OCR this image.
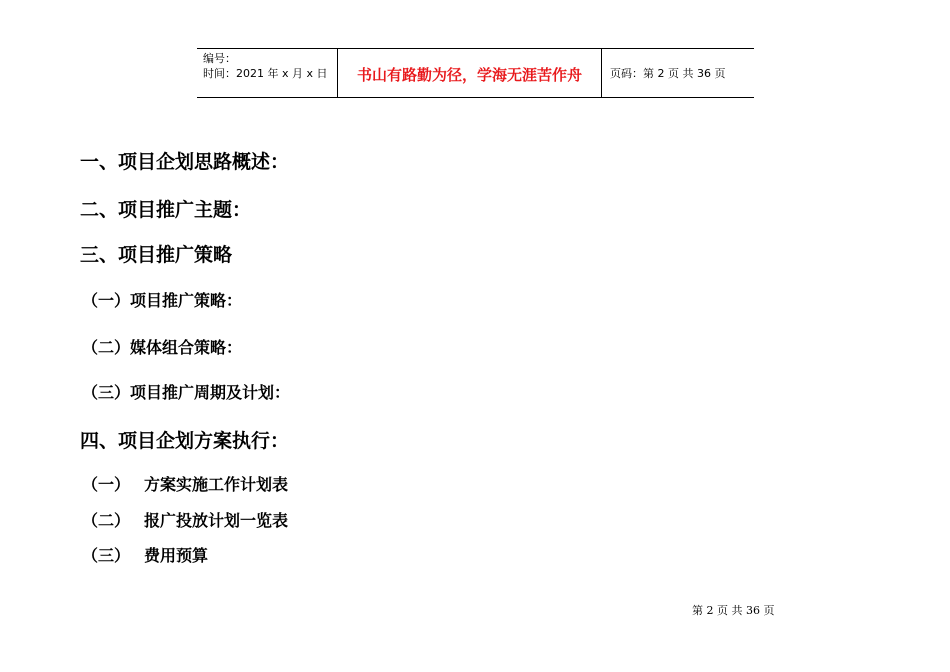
编号：
时间：2021 年 x 月 x 日	书山有路勤为径，学海无涯苦作舟	页码：第 2 页 共 36 页
一、项目企划思路概述：
二、项目推广主题：
三、项目推广策略
（一）项目推广策略：
（二）媒体组合策略：
（三）项目推广周期及计划：
四、项目企划方案执行：
（一） 方案实施工作计划表
（二） 报广投放计划一览表
（三） 费用预算
第 2 页 共 36 页
